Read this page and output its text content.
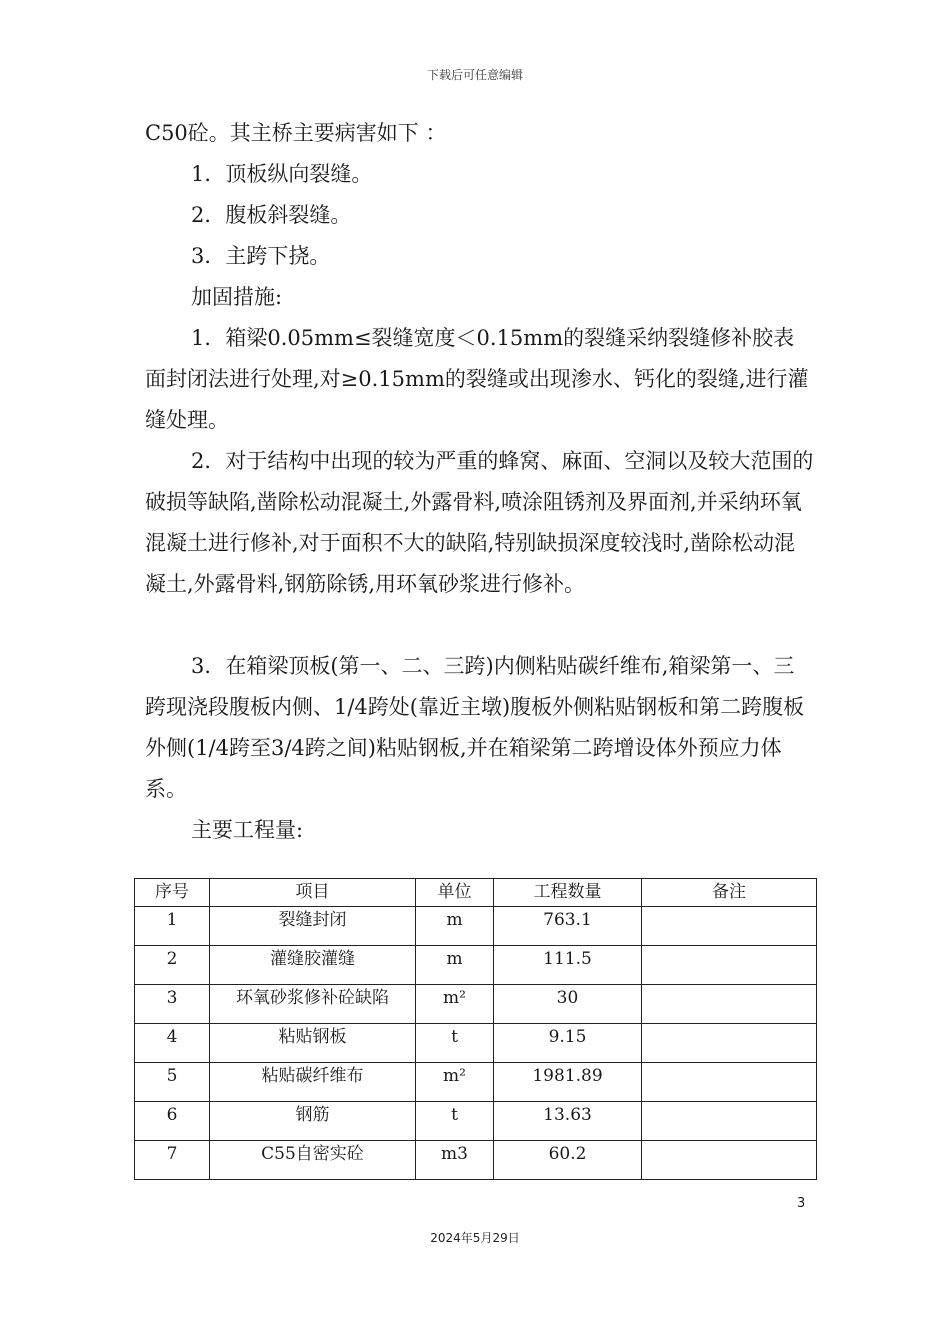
下载后可任意编辑

C50砼。其主桥主要病害如下 ：

1．顶板纵向裂缝。

2．腹板斜裂缝。

3．主跨下挠。

加固措施:

1．箱梁0.05mm≤裂缝宽度＜0.15mm的裂缝采纳裂缝修补胶表面封闭法进行处理,对≥0.15mm的裂缝或出现渗水、钙化的裂缝,进行灌缝处理。

2．对于结构中出现的较为严重的蜂窝、麻面、空洞以及较大范围的破损等缺陷,凿除松动混凝土,外露骨料,喷涂阻锈剂及界面剂,并采纳环氧混凝土进行修补,对于面积不大的缺陷,特别缺损深度较浅时,凿除松动混凝土,外露骨料,钢筋除锈,用环氧砂浆进行修补。

3．在箱梁顶板(第一、二、三跨)内侧粘贴碳纤维布,箱梁第一、三跨现浇段腹板内侧、1/4跨处(靠近主墩)腹板外侧粘贴钢板和第二跨腹板外侧(1/4跨至3/4跨之间)粘贴钢板,并在箱梁第二跨增设体外预应力体系。

主要工程量:

序号	项目	单位	工程数量	备注
1	裂缝封闭	m	763.1	
2	灌缝胶灌缝	m	111.5	
3	环氧砂浆修补砼缺陷	m²	30	
4	粘贴钢板	t	9.15	
5	粘贴碳纤维布	m²	1981.89	
6	钢筋	t	13.63	
7	C55自密实砼	m3	60.2	
3
2024年5月29日
